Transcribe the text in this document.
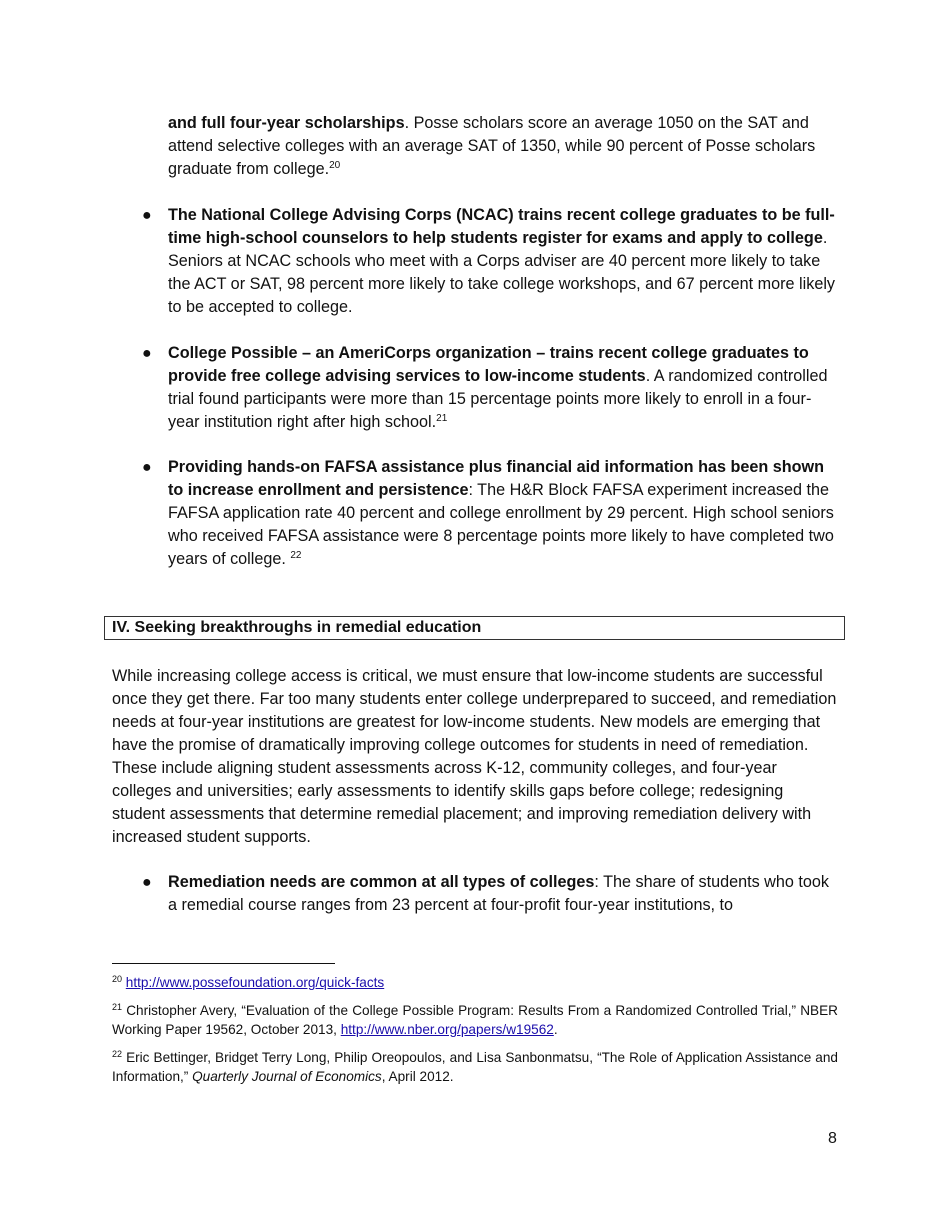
and full four-year scholarships. Posse scholars score an average 1050 on the SAT and attend selective colleges with an average SAT of 1350, while 90 percent of Posse scholars graduate from college.$^{20}$
● The National College Advising Corps (NCAC) trains recent college graduates to be full-time high-school counselors to help students register for exams and apply to college. Seniors at NCAC schools who meet with a Corps adviser are 40 percent more likely to take the ACT or SAT, 98 percent more likely to take college workshops, and 67 percent more likely to be accepted to college.
● College Possible – an AmeriCorps organization – trains recent college graduates to provide free college advising services to low-income students. A randomized controlled trial found participants were more than 15 percentage points more likely to enroll in a four-year institution right after high school.$^{21}$
● Providing hands-on FAFSA assistance plus financial aid information has been shown to increase enrollment and persistence: The H&R Block FAFSA experiment increased the FAFSA application rate 40 percent and college enrollment by 29 percent. High school seniors who received FAFSA assistance were 8 percentage points more likely to have completed two years of college. $^{22}$
IV. Seeking breakthroughs in remedial education
While increasing college access is critical, we must ensure that low-income students are successful once they get there. Far too many students enter college underprepared to succeed, and remediation needs at four-year institutions are greatest for low-income students. New models are emerging that have the promise of dramatically improving college outcomes for students in need of remediation. These include aligning student assessments across K-12, community colleges, and four-year colleges and universities; early assessments to identify skills gaps before college; redesigning student assessments that determine remedial placement; and improving remediation delivery with increased student supports.
● Remediation needs are common at all types of colleges: The share of students who took a remedial course ranges from 23 percent at four-profit four-year institutions, to
$^{20}$ http://www.possefoundation.org/quick-facts
$^{21}$ Christopher Avery, “Evaluation of the College Possible Program: Results From a Randomized Controlled Trial,” NBER Working Paper 19562, October 2013, http://www.nber.org/papers/w19562.
$^{22}$ Eric Bettinger, Bridget Terry Long, Philip Oreopoulos, and Lisa Sanbonmatsu, “The Role of Application Assistance and Information,” Quarterly Journal of Economics, April 2012.
8
